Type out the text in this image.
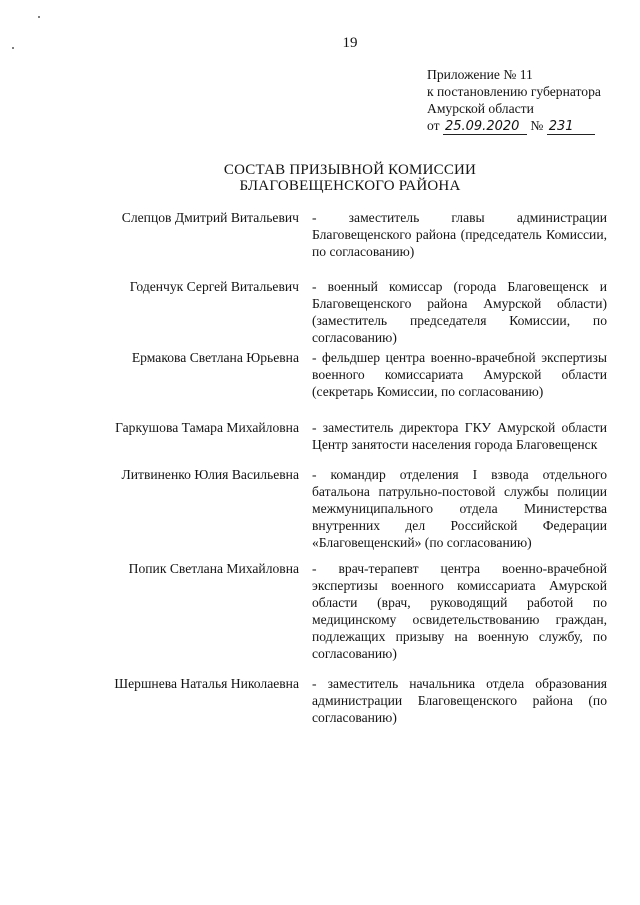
19
Приложение № 11
к постановлению губернатора
Амурской области
от 25.09.2020 № 231
СОСТАВ ПРИЗЫВНОЙ КОМИССИИ
БЛАГОВЕЩЕНСКОГО РАЙОНА
Слепцов Дмитрий Витальевич - заместитель главы администрации Благовещенского района (председатель Комиссии, по согласованию)
Годенчук Сергей Витальевич - военный комиссар (города Благовещенск и Благовещенского района Амурской области) (заместитель председателя Комиссии, по согласованию)
Ермакова Светлана Юрьевна - фельдшер центра военно-врачебной экспертизы военного комиссариата Амурской области (секретарь Комиссии, по согласованию)
Гаркушова Тамара Михайловна - заместитель директора ГКУ Амурской области Центр занятости населения города Благовещенск
Литвиненко Юлия Васильевна - командир отделения I взвода отдельного батальона патрульно-постовой службы полиции межмуниципального отдела Министерства внутренних дел Российской Федерации «Благовещенский» (по согласованию)
Попик Светлана Михайловна - врач-терапевт центра военно-врачебной экспертизы военного комиссариата Амурской области (врач, руководящий работой по медицинскому освидетельствованию граждан, подлежащих призыву на военную службу, по согласованию)
Шершнева Наталья Николаевна - заместитель начальника отдела образования администрации Благовещенского района (по согласованию)
